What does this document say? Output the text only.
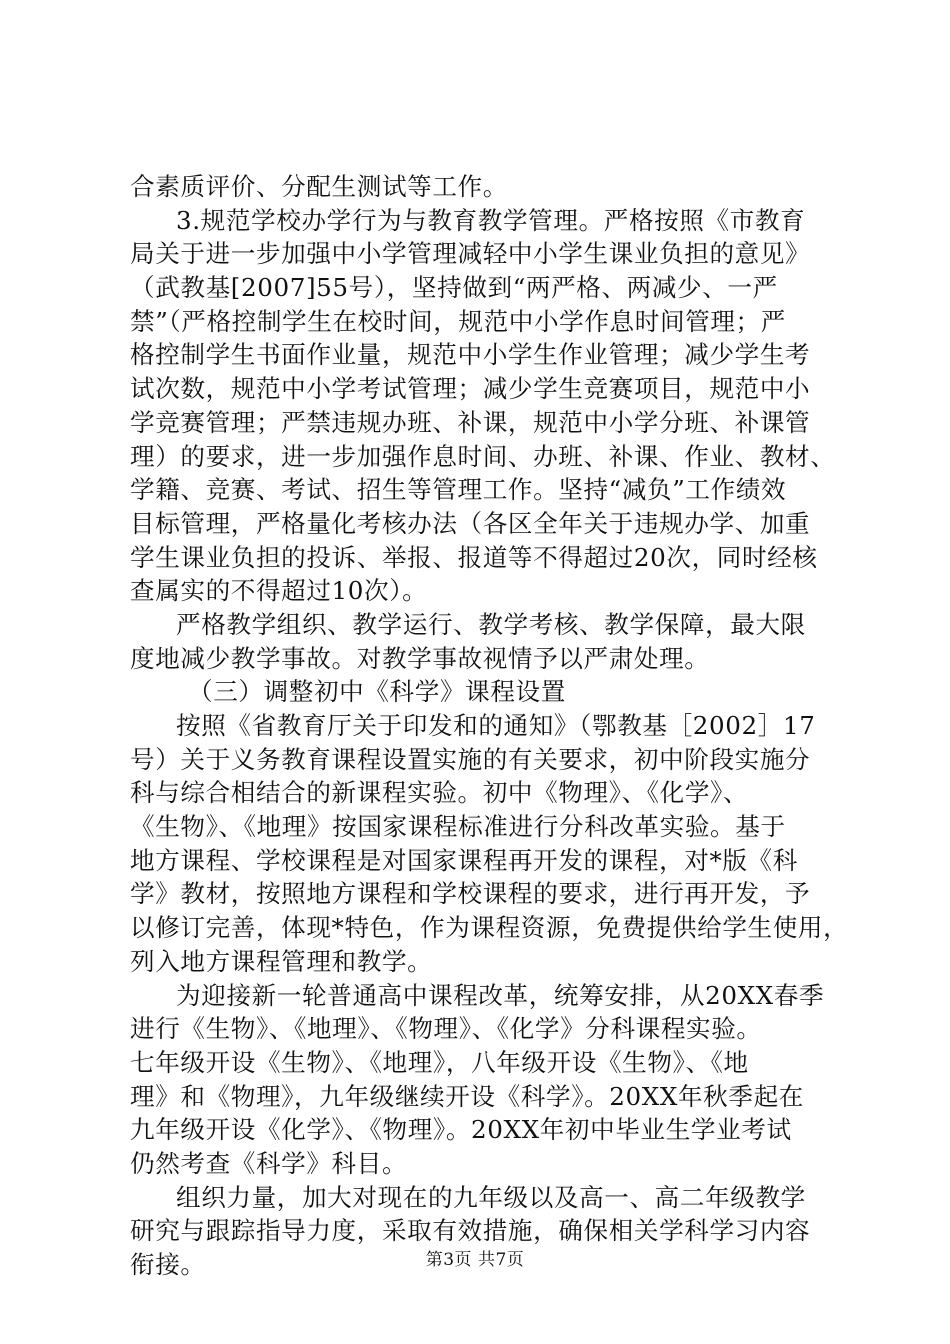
合素质评价、分配生测试等工作。
3.规范学校办学行为与教育教学管理。严格按照《市教育
局关于进一步加强中小学管理减轻中小学生课业负担的意见》
（武教基[2007]55号），坚持做到“两严格、两减少、一严
禁”（严格控制学生在校时间，规范中小学作息时间管理；严
格控制学生书面作业量，规范中小学生作业管理；减少学生考
试次数，规范中小学考试管理；减少学生竞赛项目，规范中小
学竞赛管理；严禁违规办班、补课，规范中小学分班、补课管
理）的要求，进一步加强作息时间、办班、补课、作业、教材、
学籍、竞赛、考试、招生等管理工作。坚持“减负”工作绩效
目标管理，严格量化考核办法（各区全年关于违规办学、加重
学生课业负担的投诉、举报、报道等不得超过20次，同时经核
查属实的不得超过10次）。
严格教学组织、教学运行、教学考核、教学保障，最大限
度地减少教学事故。对教学事故视情予以严肃处理。
（三）调整初中《科学》课程设置
按照《省教育厅关于印发和的通知》（鄂教基［2002］17
号）关于义务教育课程设置实施的有关要求，初中阶段实施分
科与综合相结合的新课程实验。初中《物理》、《化学》、
《生物》、《地理》按国家课程标准进行分科改革实验。基于
地方课程、学校课程是对国家课程再开发的课程，对*版《科
学》教材，按照地方课程和学校课程的要求，进行再开发，予
以修订完善，体现*特色，作为课程资源，免费提供给学生使用，
列入地方课程管理和教学。
为迎接新一轮普通高中课程改革，统筹安排，从20XX春季
进行《生物》、《地理》、《物理》、《化学》分科课程实验。
七年级开设《生物》、《地理》，八年级开设《生物》、《地
理》和《物理》，九年级继续开设《科学》。20XX年秋季起在
九年级开设《化学》、《物理》。20XX年初中毕业生学业考试
仍然考查《科学》科目。
组织力量，加大对现在的九年级以及高一、高二年级教学
研究与跟踪指导力度，采取有效措施，确保相关学科学习内容
衔接。	第3页 共7页
